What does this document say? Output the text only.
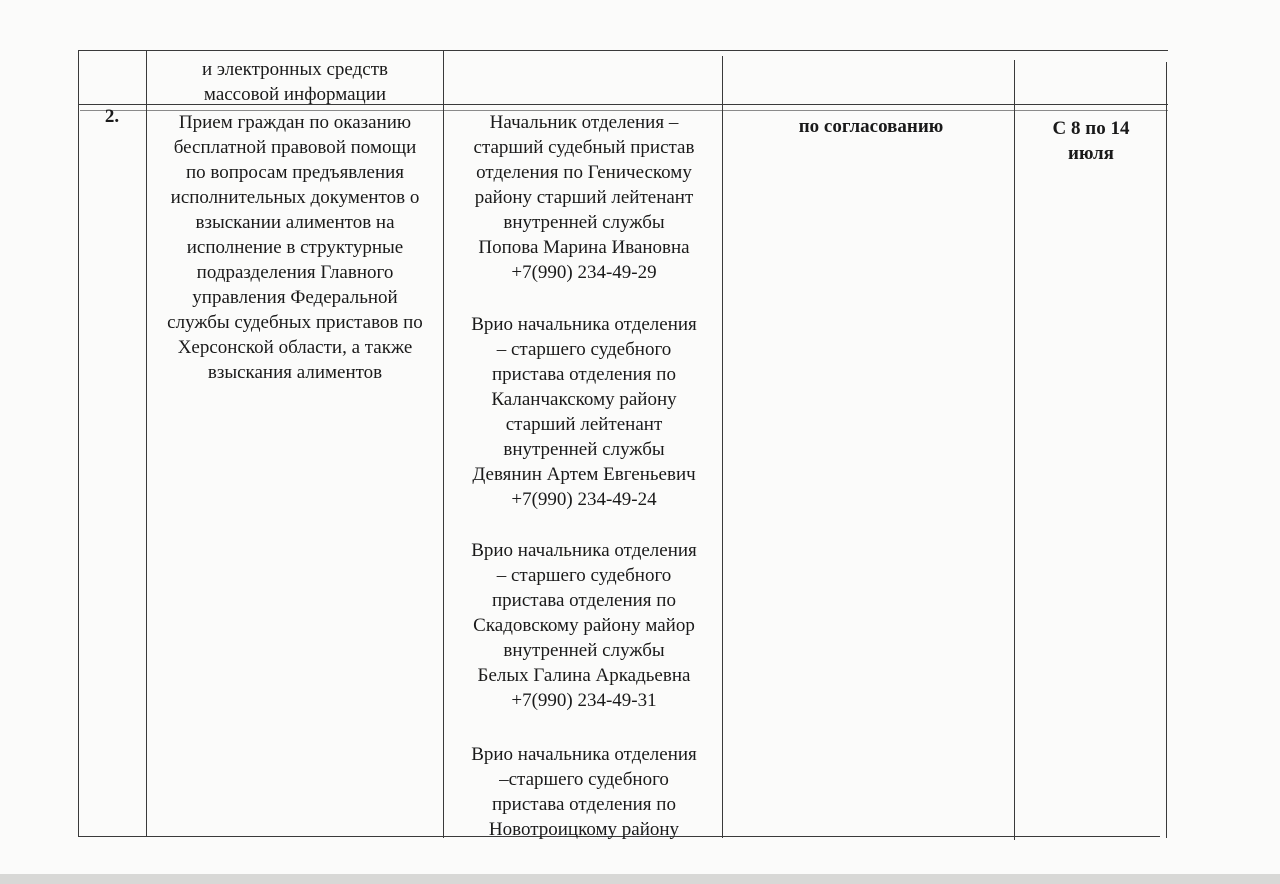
и электронных средств
массовой информации
2.	Прием граждан по оказанию
бесплатной правовой помощи
по вопросам предъявления
исполнительных документов о
взыскании алиментов на
исполнение в структурные
подразделения Главного
управления Федеральной
службы судебных приставов по
Херсонской области, а также
взыскания алиментов
Начальник отделения –
старший судебный пристав
отделения по Геническому
району старший лейтенант
внутренней службы
Попова Марина Ивановна
+7(990) 234-49-29
Врио начальника отделения
– старшего судебного
пристава отделения по
Каланчакскому району
старший лейтенант
внутренней службы
Девянин Артем Евгеньевич
+7(990) 234-49-24
Врио начальника отделения
– старшего судебного
пристава отделения по
Скадовскому району майор
внутренней службы
Белых Галина Аркадьевна
+7(990) 234-49-31
Врио начальника отделения
–старшего судебного
пристава отделения по
Новотроицкому району
по согласованию	С 8 по 14
июля
